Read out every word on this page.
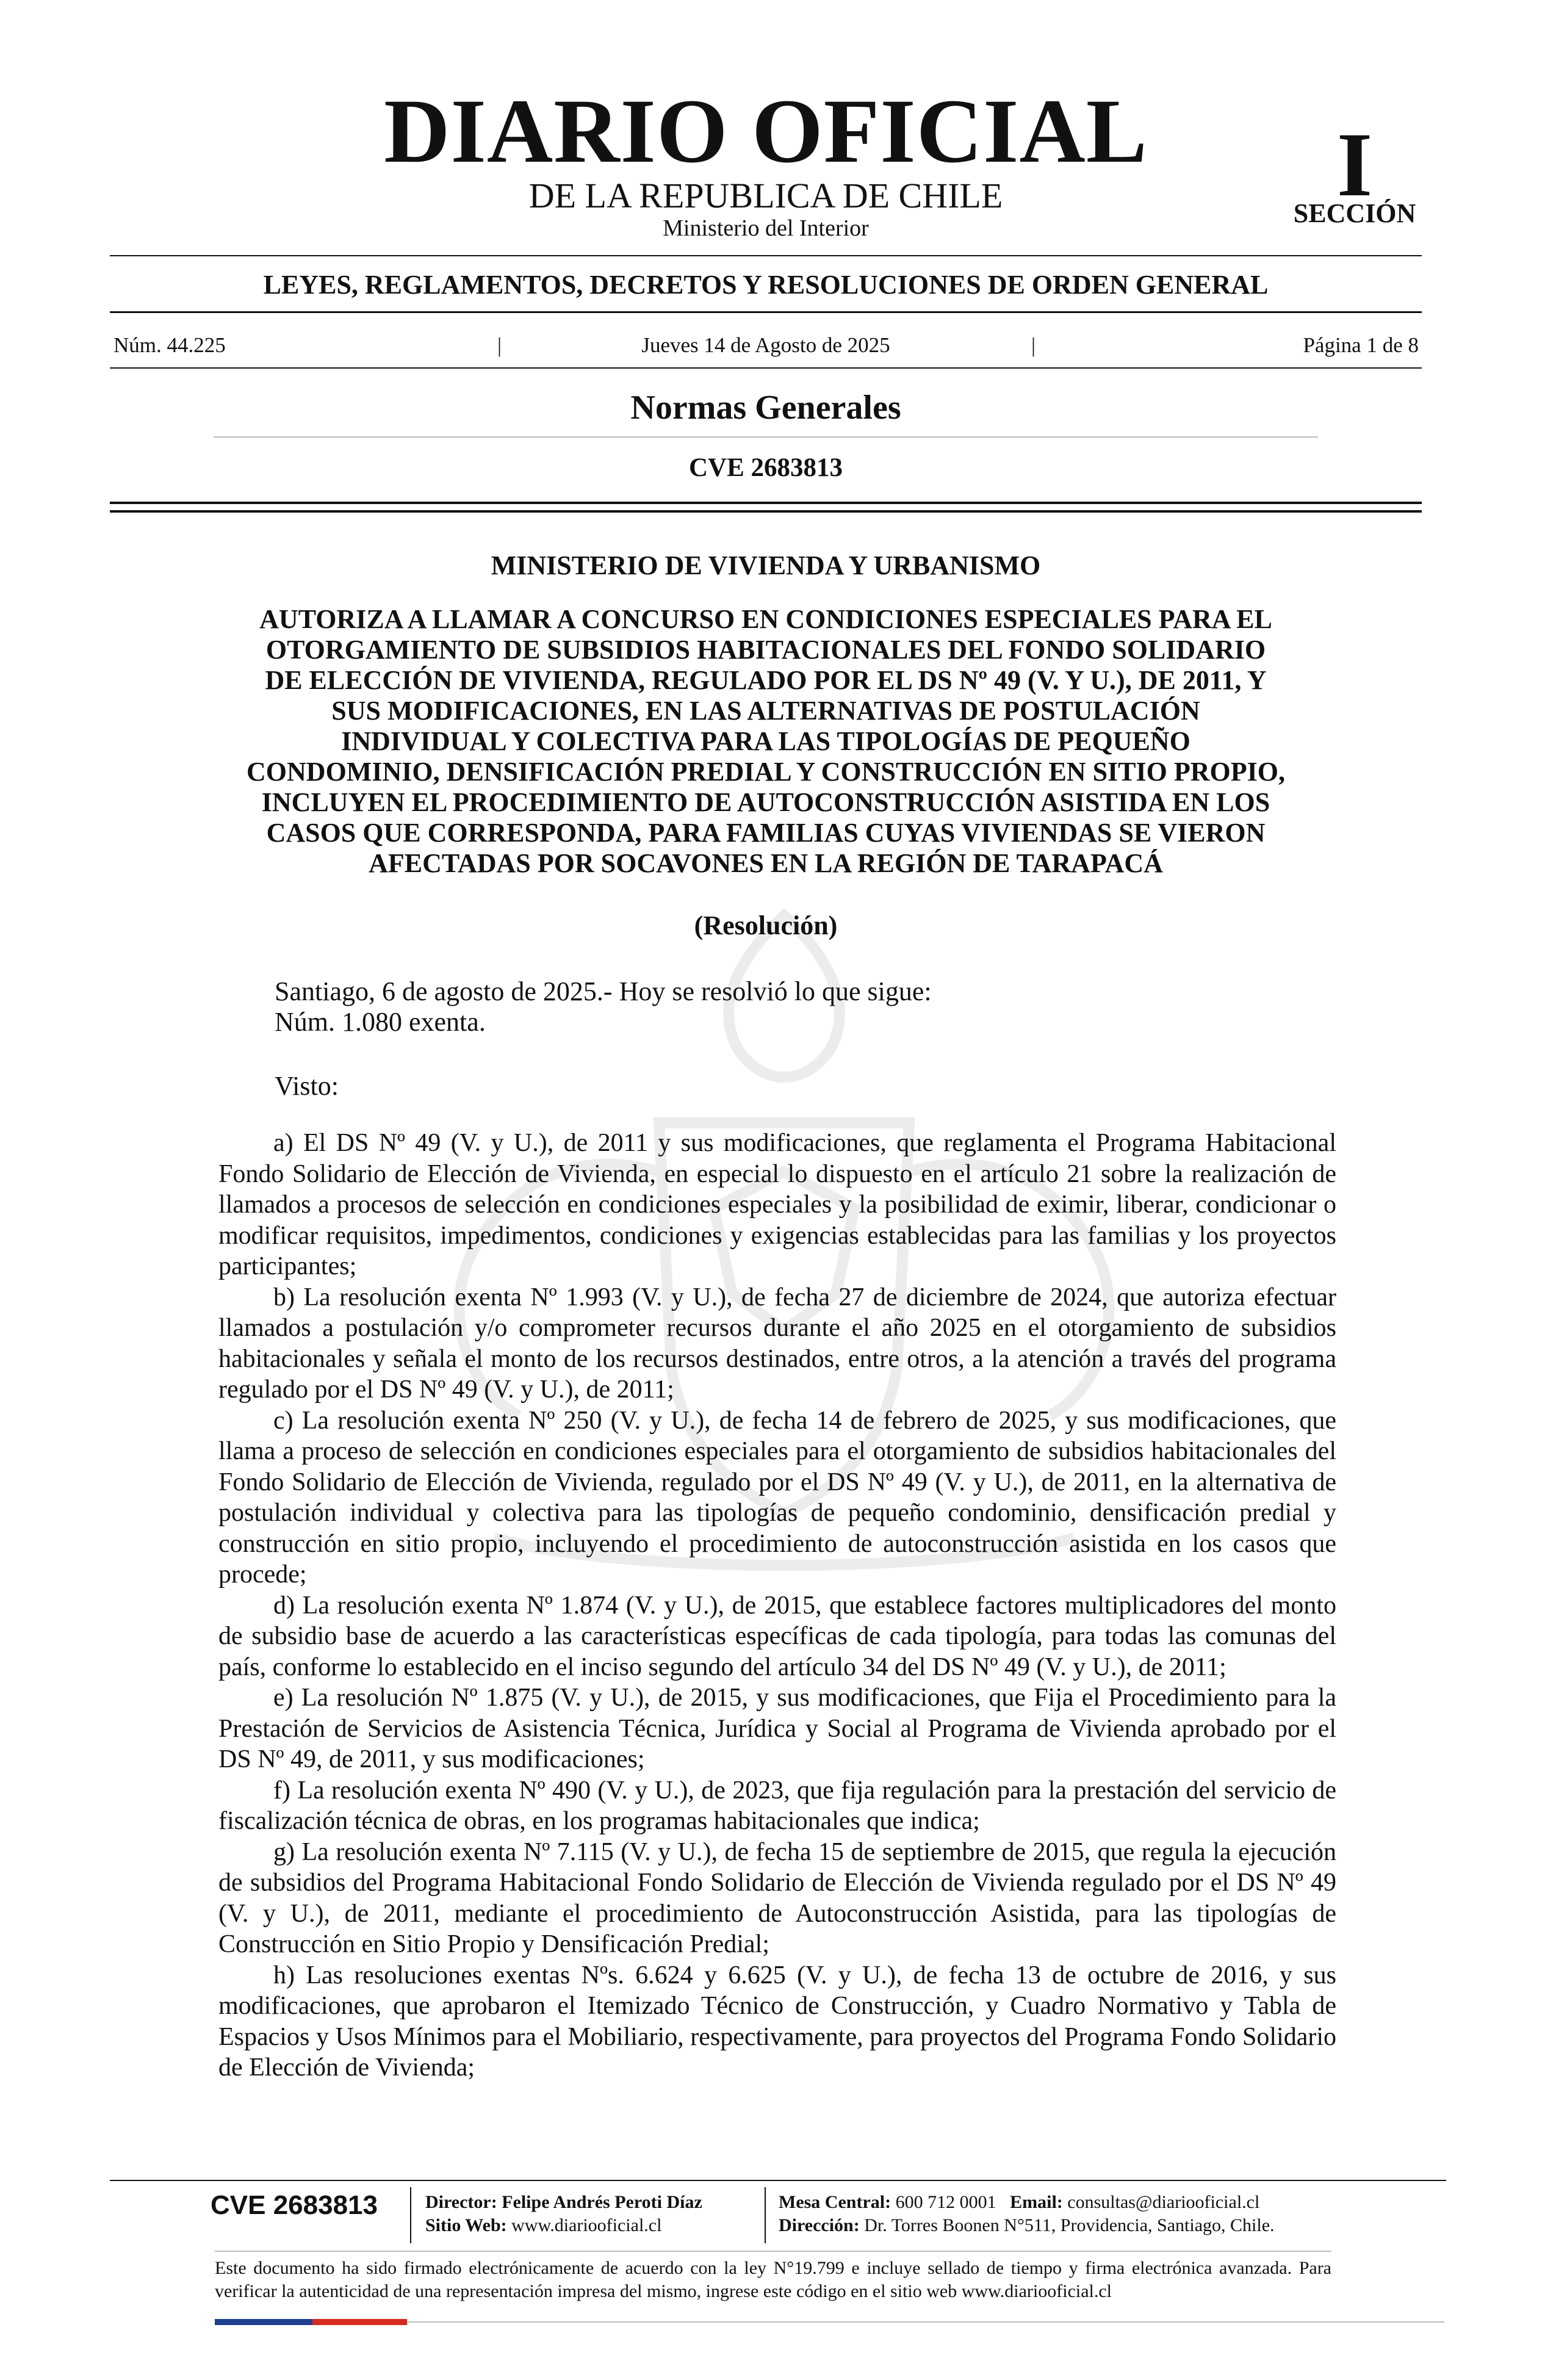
DIARIO OFICIAL
DE LA REPUBLICA DE CHILE
Ministerio del Interior
I
SECCIÓN
LEYES, REGLAMENTOS, DECRETOS Y RESOLUCIONES DE ORDEN GENERAL
Núm. 44.225	|	Jueves 14 de Agosto de 2025	|	Página 1 de 8
Normas Generales
CVE 2683813
MINISTERIO DE VIVIENDA Y URBANISMO
AUTORIZA A LLAMAR A CONCURSO EN CONDICIONES ESPECIALES PARA EL
OTORGAMIENTO DE SUBSIDIOS HABITACIONALES DEL FONDO SOLIDARIO
DE ELECCIÓN DE VIVIENDA, REGULADO POR EL DS Nº 49 (V. Y U.), DE 2011, Y
SUS MODIFICACIONES, EN LAS ALTERNATIVAS DE POSTULACIÓN
INDIVIDUAL Y COLECTIVA PARA LAS TIPOLOGÍAS DE PEQUEÑO
CONDOMINIO, DENSIFICACIÓN PREDIAL Y CONSTRUCCIÓN EN SITIO PROPIO,
INCLUYEN EL PROCEDIMIENTO DE AUTOCONSTRUCCIÓN ASISTIDA EN LOS
CASOS QUE CORRESPONDA, PARA FAMILIAS CUYAS VIVIENDAS SE VIERON
AFECTADAS POR SOCAVONES EN LA REGIÓN DE TARAPACÁ
(Resolución)
Santiago, 6 de agosto de 2025.- Hoy se resolvió lo que sigue:
Núm. 1.080 exenta.
Visto:

a) El DS Nº 49 (V. y U.), de 2011 y sus modificaciones, que reglamenta el Programa Habitacional Fondo Solidario de Elección de Vivienda, en especial lo dispuesto en el artículo 21 sobre la realización de llamados a procesos de selección en condiciones especiales y la posibilidad de eximir, liberar, condicionar o modificar requisitos, impedimentos, condiciones y exigencias establecidas para las familias y los proyectos participantes;

b) La resolución exenta Nº 1.993 (V. y U.), de fecha 27 de diciembre de 2024, que autoriza efectuar llamados a postulación y/o comprometer recursos durante el año 2025 en el otorgamiento de subsidios habitacionales y señala el monto de los recursos destinados, entre otros, a la atención a través del programa regulado por el DS Nº 49 (V. y U.), de 2011;

c) La resolución exenta Nº 250 (V. y U.), de fecha 14 de febrero de 2025, y sus modificaciones, que llama a proceso de selección en condiciones especiales para el otorgamiento de subsidios habitacionales del Fondo Solidario de Elección de Vivienda, regulado por el DS Nº 49 (V. y U.), de 2011, en la alternativa de postulación individual y colectiva para las tipologías de pequeño condominio, densificación predial y construcción en sitio propio, incluyendo el procedimiento de autoconstrucción asistida en los casos que procede;

d) La resolución exenta Nº 1.874 (V. y U.), de 2015, que establece factores multiplicadores del monto de subsidio base de acuerdo a las características específicas de cada tipología, para todas las comunas del país, conforme lo establecido en el inciso segundo del artículo 34 del DS Nº 49 (V. y U.), de 2011;

e) La resolución Nº 1.875 (V. y U.), de 2015, y sus modificaciones, que Fija el Procedimiento para la Prestación de Servicios de Asistencia Técnica, Jurídica y Social al Programa de Vivienda aprobado por el DS Nº 49, de 2011, y sus modificaciones;

f) La resolución exenta Nº 490 (V. y U.), de 2023, que fija regulación para la prestación del servicio de fiscalización técnica de obras, en los programas habitacionales que indica;

g) La resolución exenta Nº 7.115 (V. y U.), de fecha 15 de septiembre de 2015, que regula la ejecución de subsidios del Programa Habitacional Fondo Solidario de Elección de Vivienda regulado por el DS Nº 49 (V. y U.), de 2011, mediante el procedimiento de Autoconstrucción Asistida, para las tipologías de Construcción en Sitio Propio y Densificación Predial;

h) Las resoluciones exentas Nºs. 6.624 y 6.625 (V. y U.), de fecha 13 de octubre de 2016, y sus modificaciones, que aprobaron el Itemizado Técnico de Construcción, y Cuadro Normativo y Tabla de Espacios y Usos Mínimos para el Mobiliario, respectivamente, para proyectos del Programa Fondo Solidario de Elección de Vivienda;

CVE 2683813	Director: Felipe Andrés Peroti Díaz
Sitio Web: www.diariooficial.cl
Mesa Central: 600 712 0001 Email: consultas@diariooficial.cl
Dirección: Dr. Torres Boonen N°511, Providencia, Santiago, Chile.
Este documento ha sido firmado electrónicamente de acuerdo con la ley N°19.799 e incluye sellado de tiempo y firma electrónica avanzada. Para verificar la autenticidad de una representación impresa del mismo, ingrese este código en el sitio web www.diariooficial.cl
